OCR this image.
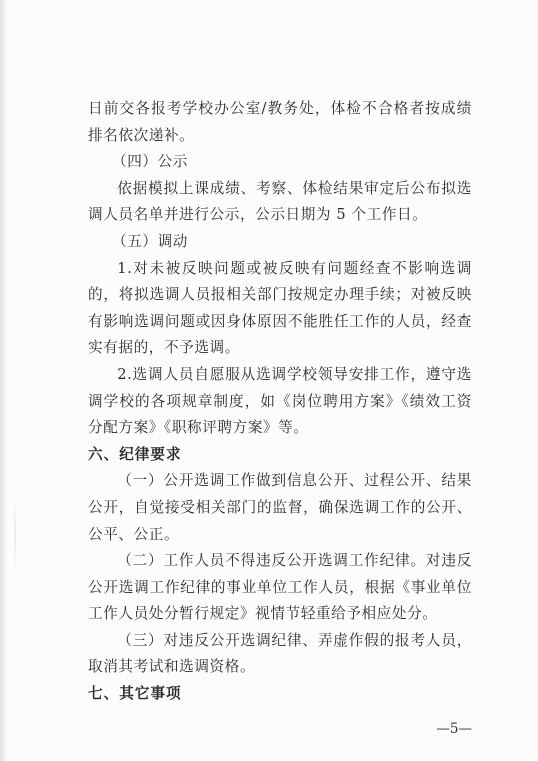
日前交各报考学校办公室/教务处，体检不合格者按成绩排名依次递补。

（四）公示

依据模拟上课成绩、考察、体检结果审定后公布拟选调人员名单并进行公示，公示日期为 5 个工作日。

（五）调动

1.对未被反映问题或被反映有问题经查不影响选调的，将拟选调人员报相关部门按规定办理手续；对被反映有影响选调问题或因身体原因不能胜任工作的人员，经查实有据的，不予选调。

2.选调人员自愿服从选调学校领导安排工作，遵守选调学校的各项规章制度，如《岗位聘用方案》《绩效工资分配方案》《职称评聘方案》等。

六、纪律要求

（一）公开选调工作做到信息公开、过程公开、结果公开，自觉接受相关部门的监督，确保选调工作的公开、公平、公正。

（二）工作人员不得违反公开选调工作纪律。对违反公开选调工作纪律的事业单位工作人员，根据《事业单位工作人员处分暂行规定》视情节轻重给予相应处分。

（三）对违反公开选调纪律、弄虚作假的报考人员，取消其考试和选调资格。

七、其它事项

—5—
